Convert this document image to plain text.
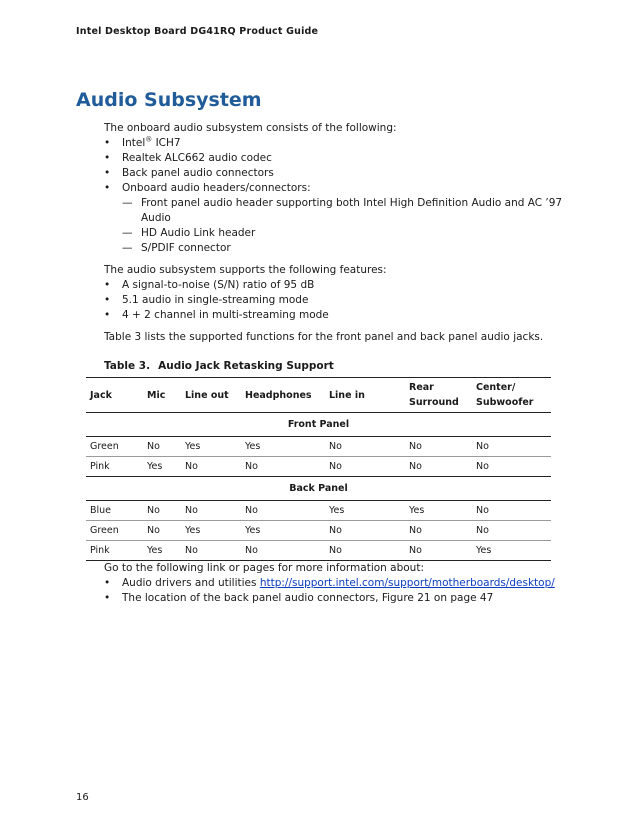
Intel Desktop Board DG41RQ Product Guide
Audio Subsystem

The onboard audio subsystem consists of the following:

• Intel® ICH7
• Realtek ALC662 audio codec
• Back panel audio connectors
• Onboard audio headers/connectors:
— Front panel audio header supporting both Intel High Definition Audio and AC ’97 Audio
— HD Audio Link header
— S/PDIF connector

The audio subsystem supports the following features:

• A signal-to-noise (S/N) ratio of 95 dB
• 5.1 audio in single-streaming mode
• 4 + 2 channel in multi-streaming mode

Table 3 lists the supported functions for the front panel and back panel audio jacks.

Table 3. Audio Jack Retasking Support
Jack	Mic	Line out	Headphones	Line in	Rear Surround	Center/ Subwoofer
Front Panel						
Green	No	Yes	Yes	No	No	No
Pink	Yes	No	No	No	No	No
Back Panel						
Blue	No	No	No	Yes	Yes	No
Green	No	Yes	Yes	No	No	No
Pink	Yes	No	No	No	No	Yes

Go to the following link or pages for more information about:

• Audio drivers and utilities http://support.intel.com/support/motherboards/desktop/
• The location of the back panel audio connectors, Figure 21 on page 47
16
